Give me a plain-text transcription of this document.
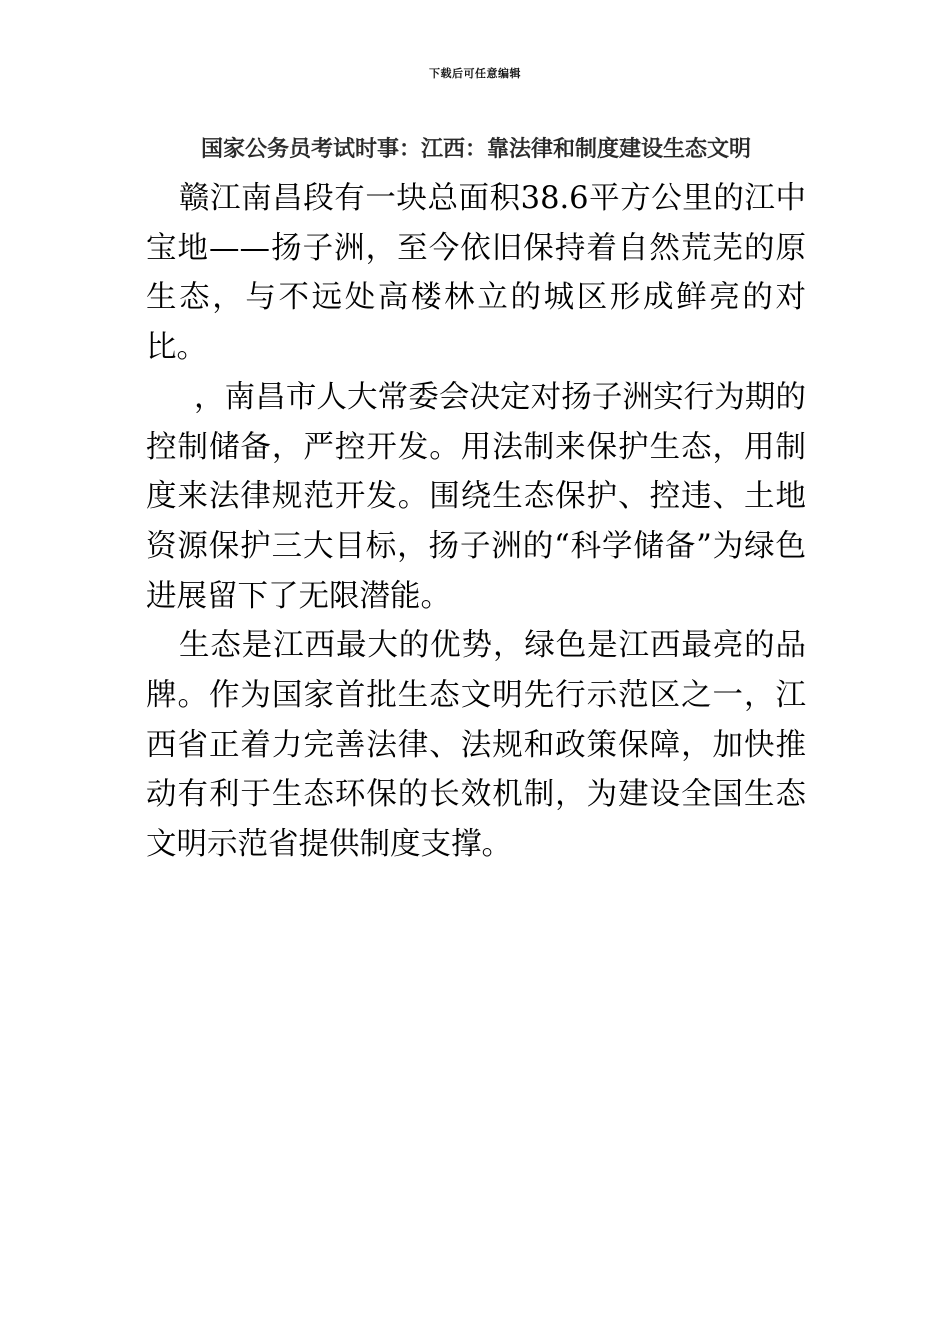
下载后可任意编辑
国家公务员考试时事：江西：靠法律和制度建设生态文明

赣江南昌段有一块总面积38.6平方公里的江中宝地——扬子洲，至今依旧保持着自然荒芜的原生态，与不远处高楼林立的城区形成鲜亮的对比。

，南昌市人大常委会决定对扬子洲实行为期的控制储备，严控开发。用法制来保护生态，用制度来法律规范开发。围绕生态保护、控违、土地资源保护三大目标，扬子洲的“科学储备”为绿色进展留下了无限潜能。

生态是江西最大的优势，绿色是江西最亮的品牌。作为国家首批生态文明先行示范区之一，江西省正着力完善法律、法规和政策保障，加快推动有利于生态环保的长效机制，为建设全国生态文明示范省提供制度支撑。
